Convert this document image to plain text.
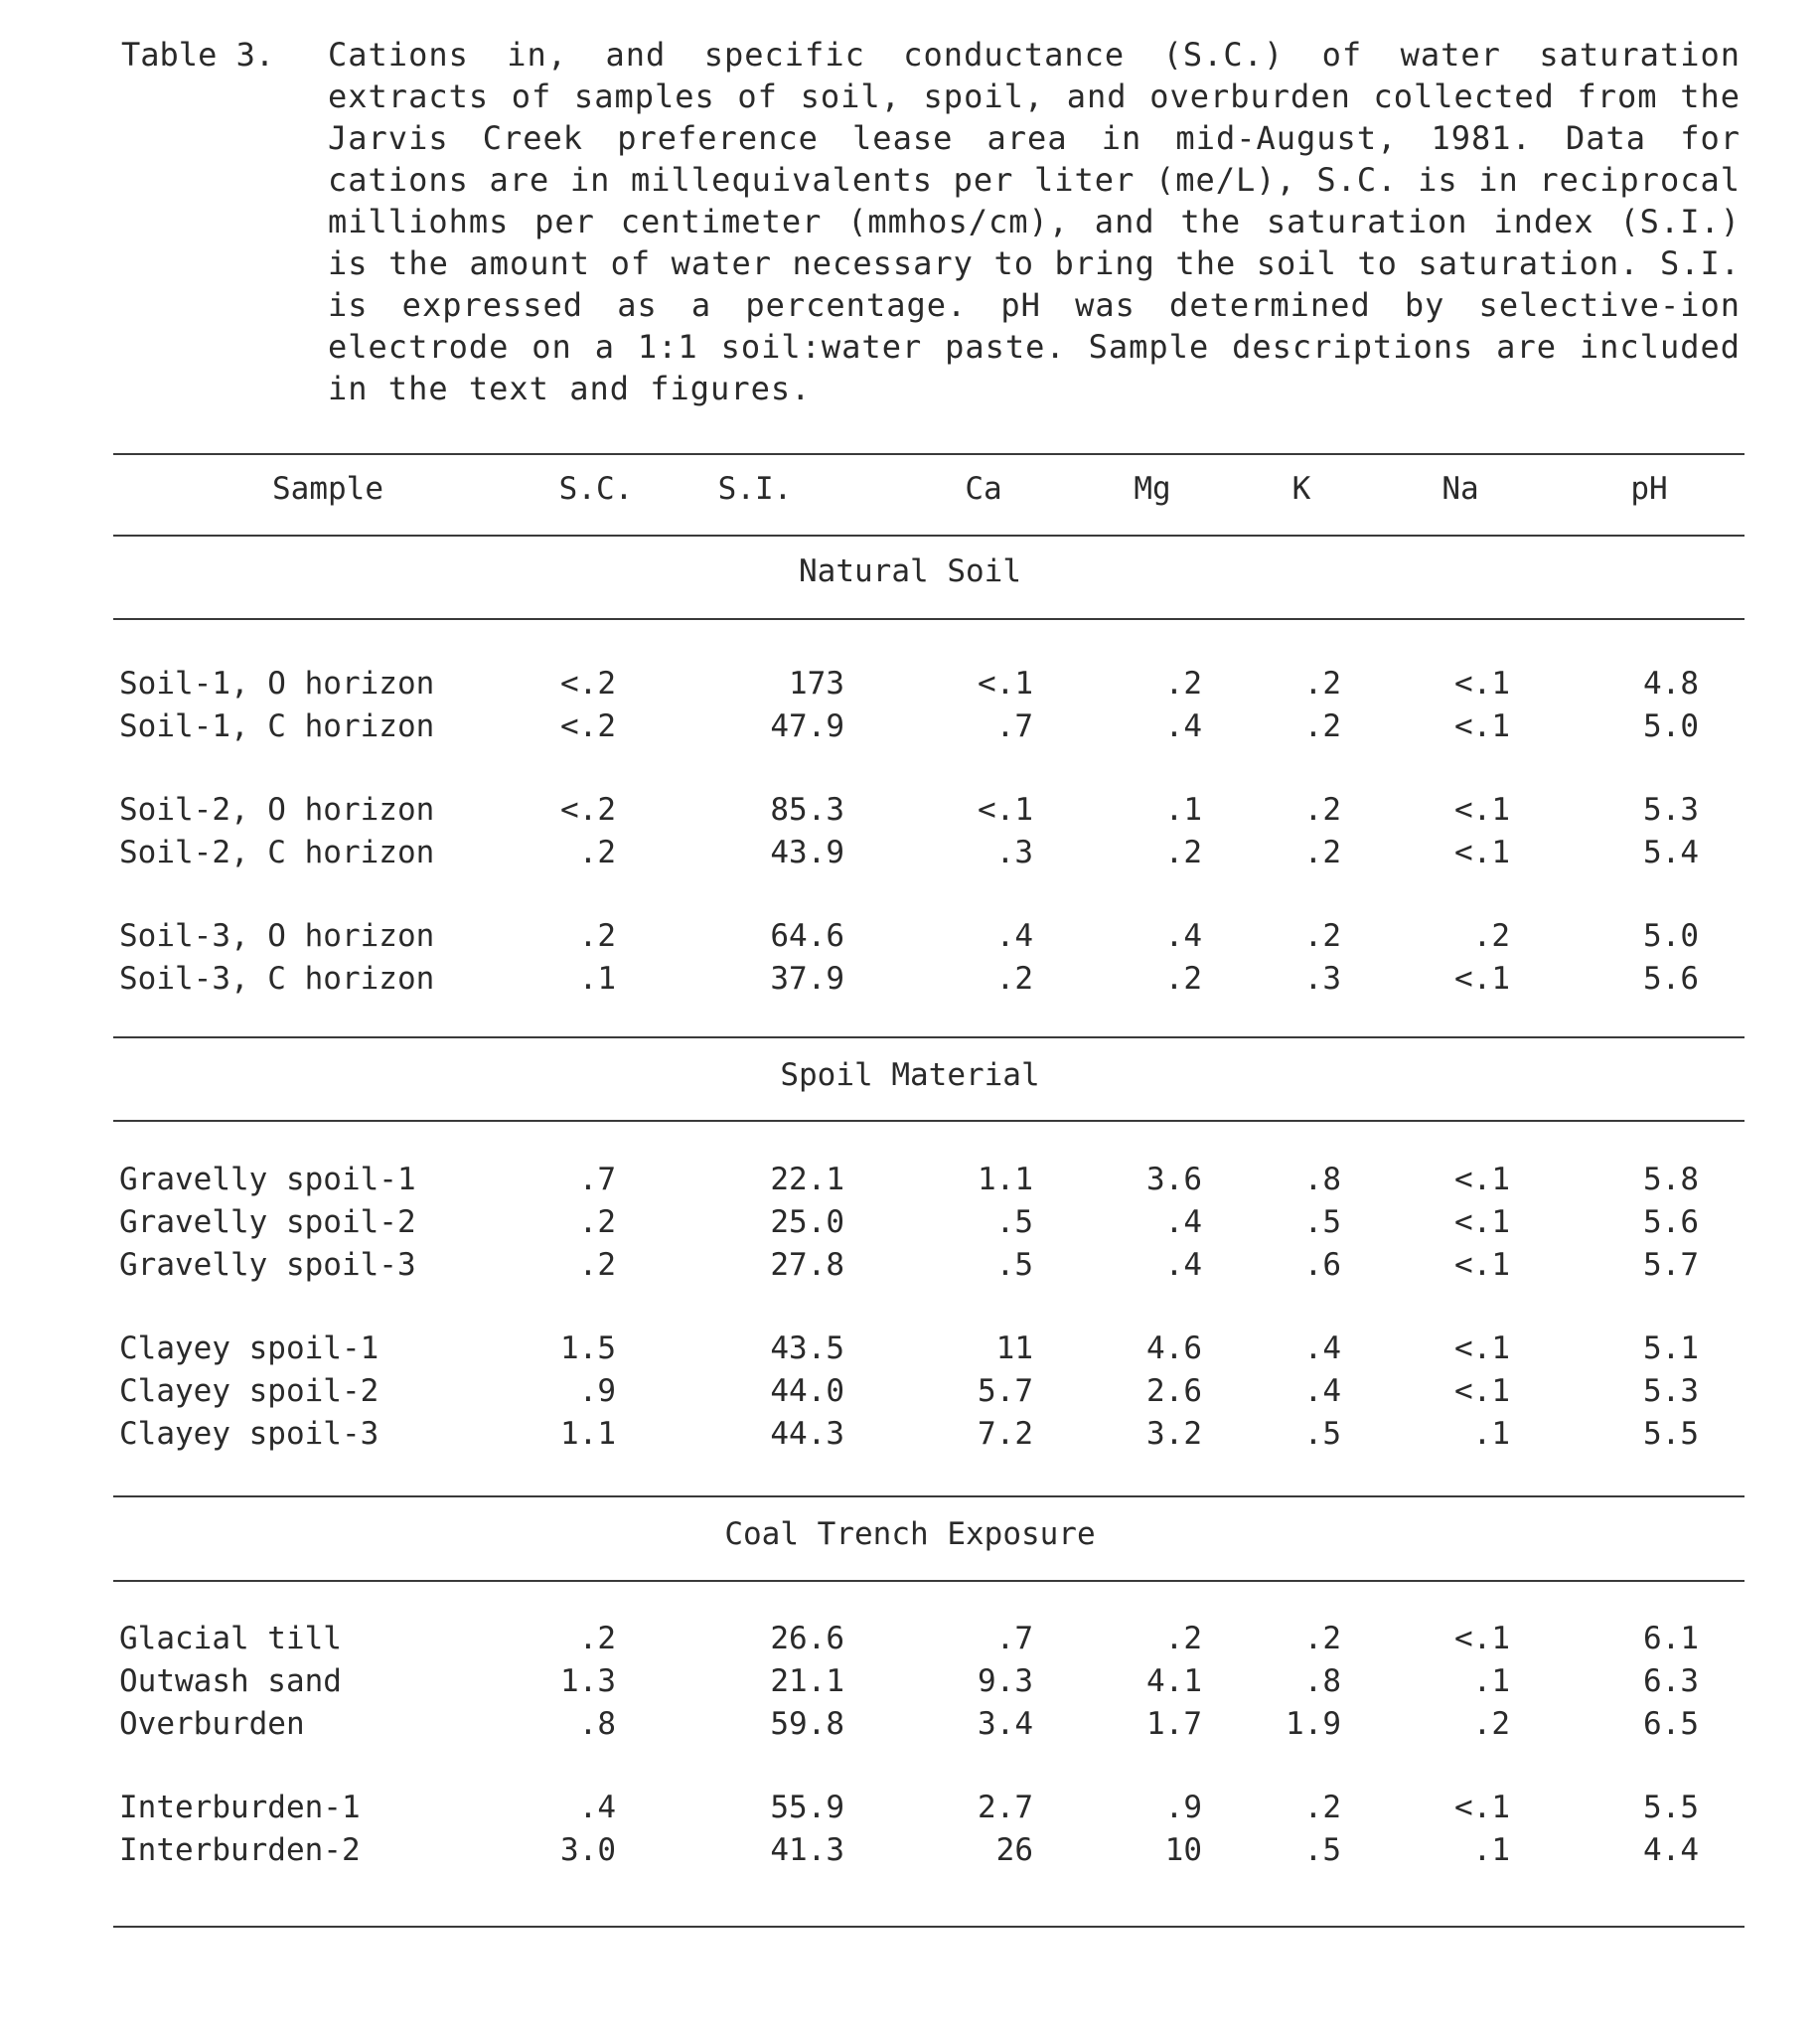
Table 3.	Cations in, and specific conductance (S.C.) of water saturation extracts of samples of soil, spoil, and overburden collected from the Jarvis Creek preference lease area in mid-August, 1981. Data for cations are in millequivalents per liter (me/L), S.C. is in reciprocal milliohms per centimeter (mmhos/cm), and the saturation index (S.I.) is the amount of water necessary to bring the soil to saturation. S.I. is expressed as a percentage. pH was determined by selective-ion electrode on a 1:1 soil:water paste. Sample descriptions are included in the text and figures.
Sample	S.C.	S.I.	Ca	Mg	K	Na	pH
Natural Soil
Soil-1, O horizon	<.2	173	<.1	.2	.2	<.1	4.8
Soil-1, C horizon	<.2	47.9	.7	.4	.2	<.1	5.0
Soil-2, O horizon	<.2	85.3	<.1	.1	.2	<.1	5.3
Soil-2, C horizon	.2	43.9	.3	.2	.2	<.1	5.4
Soil-3, O horizon	.2	64.6	.4	.4	.2	.2	5.0
Soil-3, C horizon	.1	37.9	.2	.2	.3	<.1	5.6
Spoil Material
Gravelly spoil-1	.7	22.1	1.1	3.6	.8	<.1	5.8
Gravelly spoil-2	.2	25.0	.5	.4	.5	<.1	5.6
Gravelly spoil-3	.2	27.8	.5	.4	.6	<.1	5.7
Clayey spoil-1	1.5	43.5	11	4.6	.4	<.1	5.1
Clayey spoil-2	.9	44.0	5.7	2.6	.4	<.1	5.3
Clayey spoil-3	1.1	44.3	7.2	3.2	.5	.1	5.5
Coal Trench Exposure
Glacial till	.2	26.6	.7	.2	.2	<.1	6.1
Outwash sand	1.3	21.1	9.3	4.1	.8	.1	6.3
Overburden	.8	59.8	3.4	1.7	1.9	.2	6.5
Interburden-1	.4	55.9	2.7	.9	.2	<.1	5.5
Interburden-2	3.0	41.3	26	10	.5	.1	4.4
